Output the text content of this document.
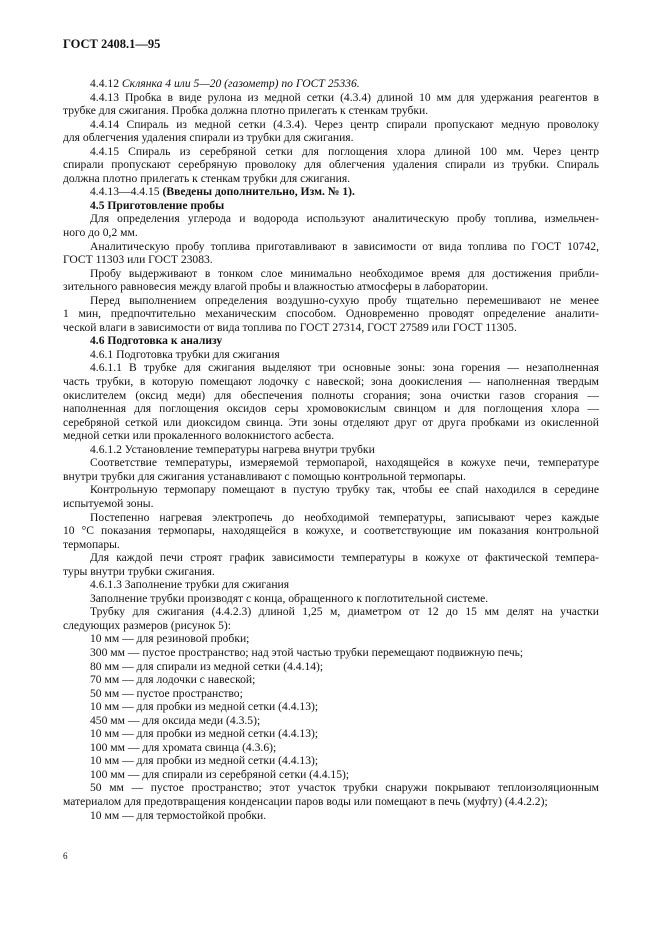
ГОСТ 2408.1—95
4.4.12 Склянка 4 или 5—20 (газометр) по ГОСТ 25336.
4.4.13 Пробка в виде рулона из медной сетки (4.3.4) длиной 10 мм для удержания реагентов в
трубке для сжигания. Пробка должна плотно прилегать к стенкам трубки.
4.4.14 Спираль из медной сетки (4.3.4). Через центр спирали пропускают медную проволоку
для облегчения удаления спирали из трубки для сжигания.
4.4.15 Спираль из серебряной сетки для поглощения хлора длиной 100 мм. Через центр
спирали пропускают серебряную проволоку для облегчения удаления спирали из трубки. Спираль
должна плотно прилегать к стенкам трубки для сжигания.
4.4.13—4.4.15 (Введены дополнительно, Изм. № 1).
4.5 Приготовление пробы
Для определения углерода и водорода используют аналитическую пробу топлива, измельчен-
ного до 0,2 мм.
Аналитическую пробу топлива приготавливают в зависимости от вида топлива по ГОСТ 10742,
ГОСТ 11303 или ГОСТ 23083.
Пробу выдерживают в тонком слое минимально необходимое время для достижения прибли-
зительного равновесия между влагой пробы и влажностью атмосферы в лаборатории.
Перед выполнением определения воздушно-сухую пробу тщательно перемешивают не менее
1 мин, предпочтительно механическим способом. Одновременно проводят определение аналити-
ческой влаги в зависимости от вида топлива по ГОСТ 27314, ГОСТ 27589 или ГОСТ 11305.
4.6 Подготовка к анализу
4.6.1 Подготовка трубки для сжигания
4.6.1.1 В трубке для сжигания выделяют три основные зоны: зона горения — незаполненная
часть трубки, в которую помещают лодочку с навеской; зона доокисления — наполненная твердым
окислителем (оксид меди) для обеспечения полноты сгорания; зона очистки газов сгорания —
наполненная для поглощения оксидов серы хромовокислым свинцом и для поглощения хлора —
серебряной сеткой или диоксидом свинца. Эти зоны отделяют друг от друга пробками из окисленной
медной сетки или прокаленного волокнистого асбеста.
4.6.1.2 Установление температуры нагрева внутри трубки
Соответствие температуры, измеряемой термопарой, находящейся в кожухе печи, температуре
внутри трубки для сжигания устанавливают с помощью контрольной термопары.
Контрольную термопару помещают в пустую трубку так, чтобы ее спай находился в середине
испытуемой зоны.
Постепенно нагревая электропечь до необходимой температуры, записывают через каждые
10 °С показания термопары, находящейся в кожухе, и соответствующие им показания контрольной
термопары.
Для каждой печи строят график зависимости температуры в кожухе от фактической темпера-
туры внутри трубки сжигания.
4.6.1.3 Заполнение трубки для сжигания
Заполнение трубки производят с конца, обращенного к поглотительной системе.
Трубку для сжигания (4.4.2.3) длиной 1,25 м, диаметром от 12 до 15 мм делят на участки
следующих размеров (рисунок 5):
10 мм — для резиновой пробки;
300 мм — пустое пространство; над этой частью трубки перемещают подвижную печь;
80 мм — для спирали из медной сетки (4.4.14);
70 мм — для лодочки с навеской;
50 мм — пустое пространство;
10 мм — для пробки из медной сетки (4.4.13);
450 мм — для оксида меди (4.3.5);
10 мм — для пробки из медной сетки (4.4.13);
100 мм — для хромата свинца (4.3.6);
10 мм — для пробки из медной сетки (4.4.13);
100 мм — для спирали из серебряной сетки (4.4.15);
50 мм — пустое пространство; этот участок трубки снаружи покрывают теплоизоляционным
материалом для предотвращения конденсации паров воды или помещают в печь (муфту) (4.4.2.2);
10 мм — для термостойкой пробки.
6
